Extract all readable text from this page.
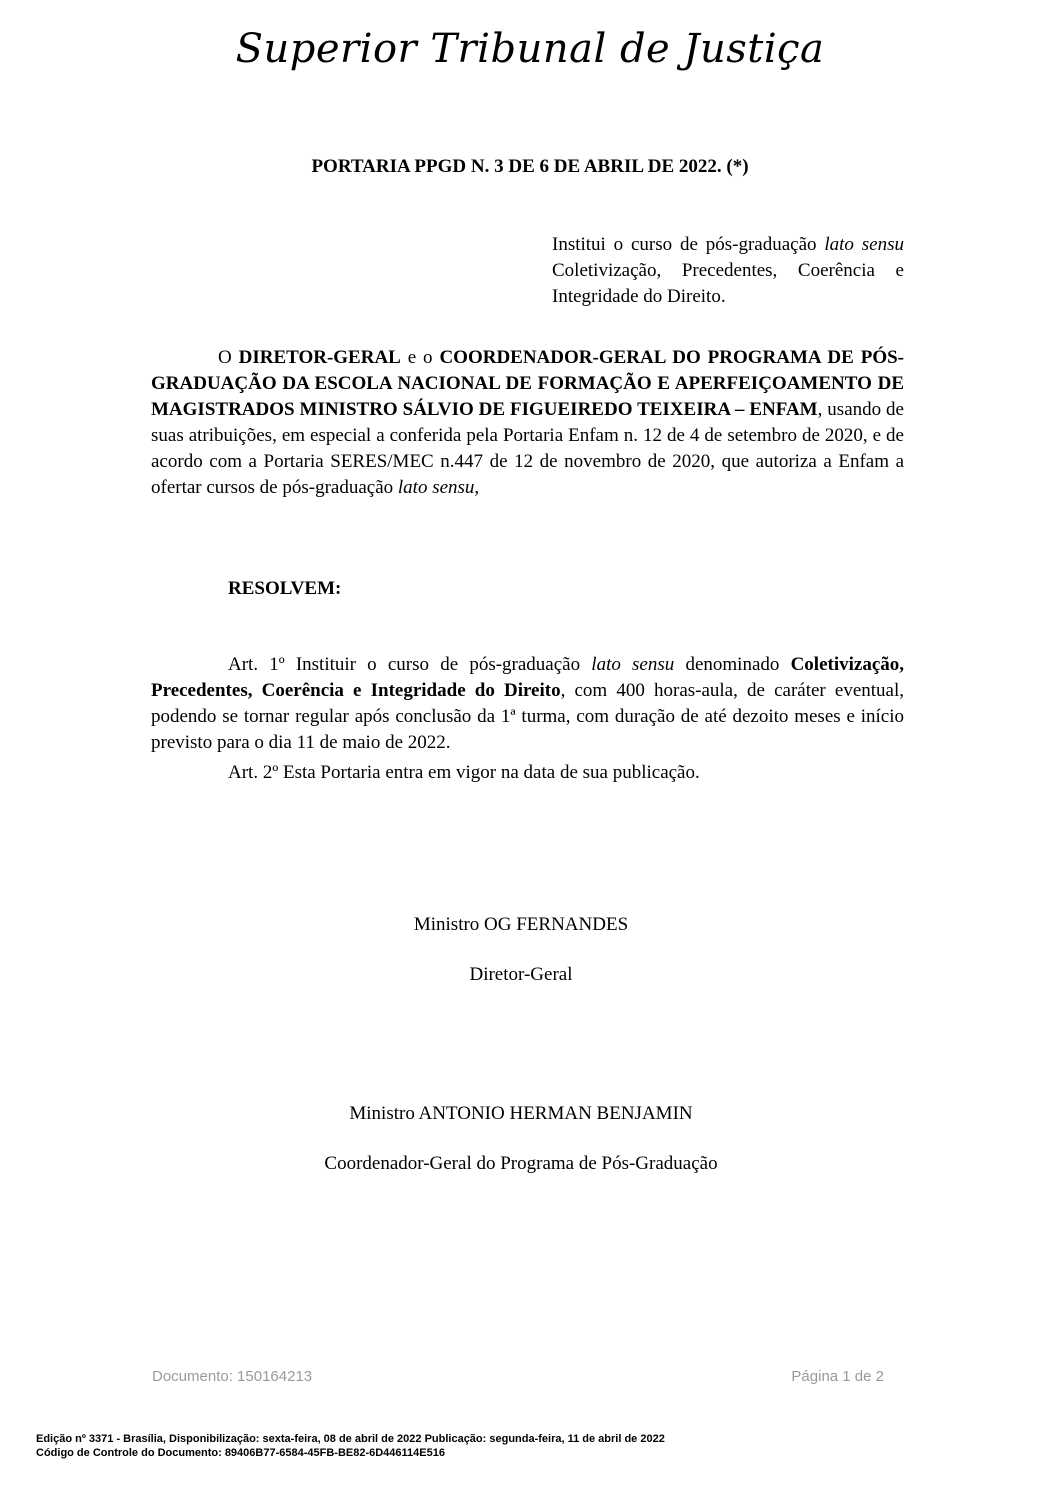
Superior Tribunal de Justiça
PORTARIA PPGD N. 3 DE 6 DE ABRIL DE 2022. (*)
Institui o curso de pós-graduação lato sensu Coletivização, Precedentes, Coerência e Integridade do Direito.
O DIRETOR-GERAL e o COORDENADOR-GERAL DO PROGRAMA DE PÓS-GRADUAÇÃO DA ESCOLA NACIONAL DE FORMAÇÃO E APERFEIÇOAMENTO DE MAGISTRADOS MINISTRO SÁLVIO DE FIGUEIREDO TEIXEIRA – ENFAM, usando de suas atribuições, em especial a conferida pela Portaria Enfam n. 12 de 4 de setembro de 2020, e de acordo com a Portaria SERES/MEC n.447 de 12 de novembro de 2020, que autoriza a Enfam a ofertar cursos de pós-graduação lato sensu,
RESOLVEM:
Art. 1º Instituir o curso de pós-graduação lato sensu denominado Coletivização, Precedentes, Coerência e Integridade do Direito, com 400 horas-aula, de caráter eventual, podendo se tornar regular após conclusão da 1ª turma, com duração de até dezoito meses e início previsto para o dia 11 de maio de 2022.
Art. 2º Esta Portaria entra em vigor na data de sua publicação.
Ministro OG FERNANDES
Diretor-Geral
Ministro ANTONIO HERMAN BENJAMIN
Coordenador-Geral do Programa de Pós-Graduação
Documento: 150164213	Página 1 de 2
Edição nº 3371 - Brasília, Disponibilização: sexta-feira, 08 de abril de 2022 Publicação: segunda-feira, 11 de abril de 2022
Código de Controle do Documento: 89406B77-6584-45FB-BE82-6D446114E516
